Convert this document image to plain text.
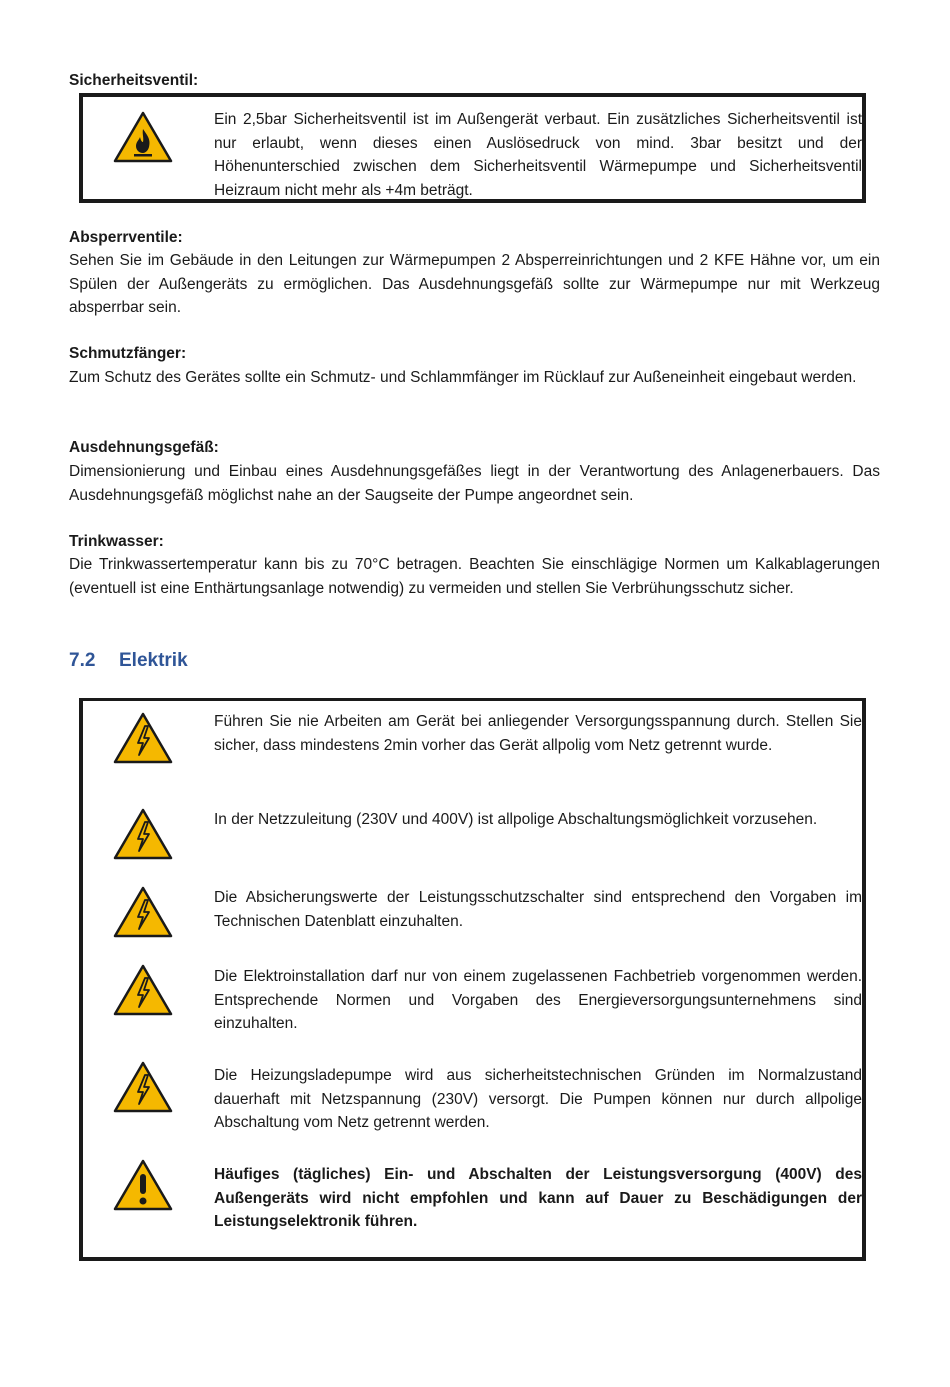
Sicherheitsventil:

Ein 2,5bar Sicherheitsventil ist im Außengerät verbaut. Ein zusätzliches Sicherheitsventil ist nur erlaubt, wenn dieses einen Auslösedruck von mind. 3bar besitzt und der Höhenunterschied zwischen dem Sicherheitsventil Wärmepumpe und Sicherheitsventil Heizraum nicht mehr als +4m beträgt.

Absperrventile:

Sehen Sie im Gebäude in den Leitungen zur Wärmepumpen 2 Absperreinrichtungen und 2 KFE Hähne vor, um ein Spülen der Außengeräts zu ermöglichen. Das Ausdehnungsgefäß sollte zur Wärmepumpe nur mit Werkzeug absperrbar sein.

Schmutzfänger:

Zum Schutz des Gerätes sollte ein Schmutz- und Schlammfänger im Rücklauf zur Außeneinheit eingebaut werden.

Ausdehnungsgefäß:

Dimensionierung und Einbau eines Ausdehnungsgefäßes liegt in der Verantwortung des Anlagenerbauers. Das Ausdehnungsgefäß möglichst nahe an der Saugseite der Pumpe angeordnet sein.

Trinkwasser:

Die Trinkwassertemperatur kann bis zu 70°C betragen. Beachten Sie einschlägige Normen um Kalkablagerungen (eventuell ist eine Enthärtungsanlage notwendig) zu vermeiden und stellen Sie Verbrühungsschutz sicher.

7.2 Elektrik

Führen Sie nie Arbeiten am Gerät bei anliegender Versorgungsspannung durch. Stellen Sie sicher, dass mindestens 2min vorher das Gerät allpolig vom Netz getrennt wurde.

In der Netzzuleitung (230V und 400V) ist allpolige Abschaltungsmöglichkeit vorzusehen.

Die Absicherungswerte der Leistungsschutzschalter sind entsprechend den Vorgaben im Technischen Datenblatt einzuhalten.

Die Elektroinstallation darf nur von einem zugelassenen Fachbetrieb vorgenommen werden. Entsprechende Normen und Vorgaben des Energieversorgungsunternehmens sind einzuhalten.

Die Heizungsladepumpe wird aus sicherheitstechnischen Gründen im Normalzustand dauerhaft mit Netzspannung (230V) versorgt. Die Pumpen können nur durch allpolige Abschaltung vom Netz getrennt werden.

Häufiges (tägliches) Ein- und Abschalten der Leistungsversorgung (400V) des Außengeräts wird nicht empfohlen und kann auf Dauer zu Beschädigungen der Leistungselektronik führen.
